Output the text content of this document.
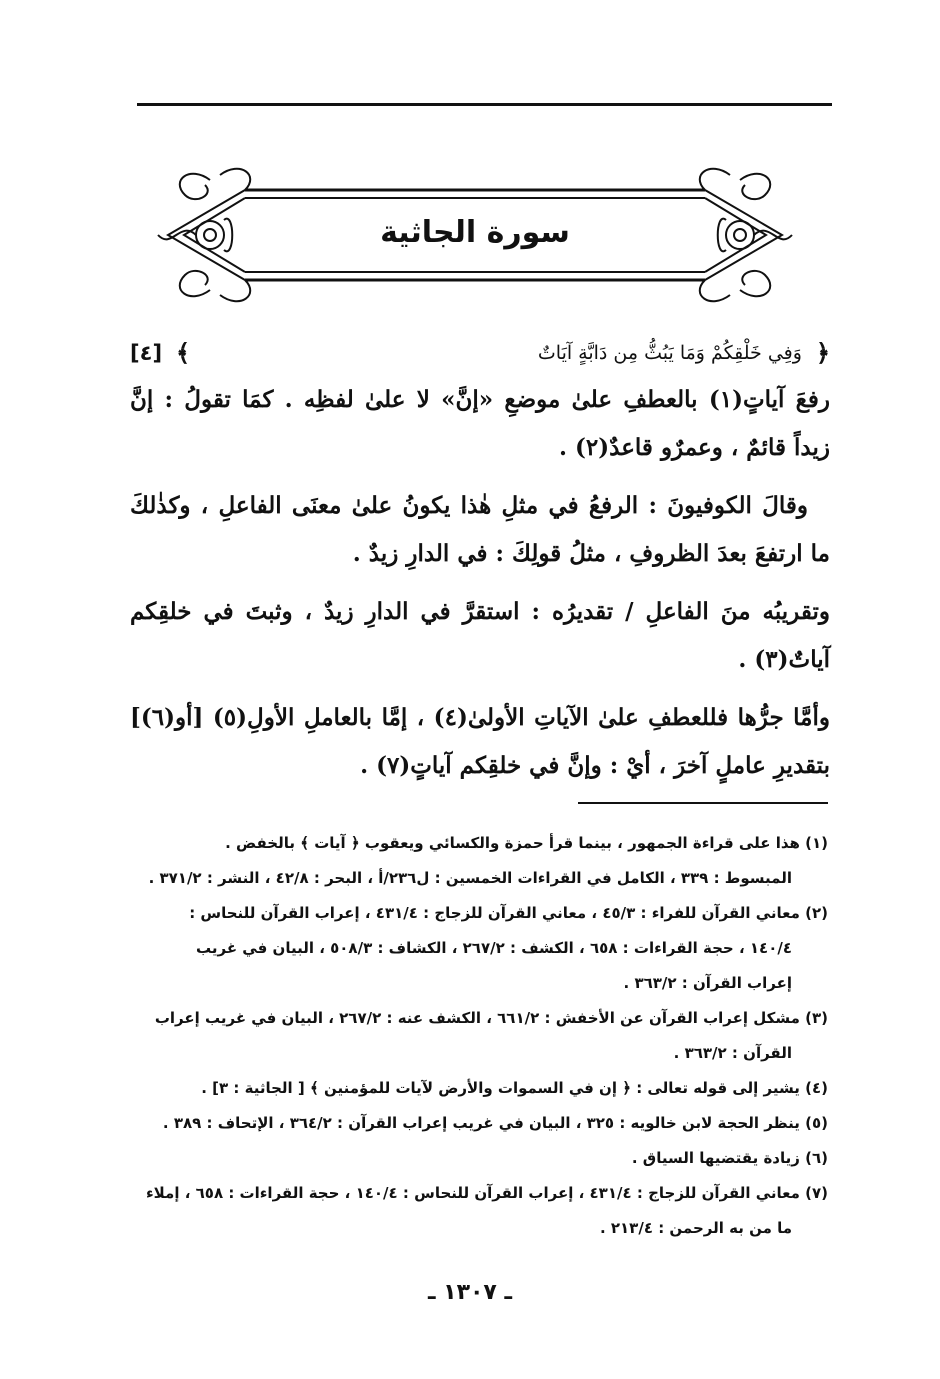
سورة الجاثية
﴿
وَفِي خَلْقِكُمْ وَمَا يَبُثُّ مِن دَابَّةٍ آيَاتٌ
﴾
[٤]

رفعَ آياتٍ(١) بالعطفِ علىٰ موضعِ «إنَّ» لا علىٰ لفظِه . كمَا تقولُ : إنَّ زيداً قائمٌ ، وعمرٌو قاعدٌ(٢) .

وقالَ الكوفيونَ : الرفعُ في مثلِ هٰذا يكونُ علىٰ معنَى الفاعلِ ، وكذٰلكَ ما ارتفعَ بعدَ الظروفِ ، مثلُ قولِكَ : في الدارِ زيدٌ .

وتقريبُه منَ الفاعلِ / تقديرُه : استقرَّ في الدارِ زيدٌ ، وثبتَ في خلقِكم آياتٌ(٣) .

وأمَّا جرُّها فللعطفِ علىٰ الآياتِ الأولىٰ(٤) ، إمَّا بالعاملِ الأولِ(٥) [أو(٦)] بتقديرِ عاملٍ آخرَ ، أيْ : وإنَّ في خلقِكم آياتٍ(٧) .

(١) هذا على قراءة الجمهور ، بينما قرأ حمزة والكسائي ويعقوب ﴿ آيات ﴾ بالخفض .
المبسوط : ٣٣٩ ، الكامل في القراءات الخمسين : ل٢٣٦/أ ، البحر : ٤٢/٨ ، النشر : ٣٧١/٢ .
(٢) معاني القرآن للفراء : ٤٥/٣ ، معاني القرآن للزجاج : ٤٣١/٤ ، إعراب القرآن للنحاس :
١٤٠/٤ ، حجة القراءات : ٦٥٨ ، الكشف : ٢٦٧/٢ ، الكشاف : ٥٠٨/٣ ، البيان في غريب
إعراب القرآن : ٣٦٣/٢ .
(٣) مشكل إعراب القرآن عن الأخفش : ٦٦١/٢ ، الكشف عنه : ٢٦٧/٢ ، البيان في غريب إعراب
القرآن : ٣٦٣/٢ .
(٤) يشير إلى قوله تعالى : ﴿ إن في السموات والأرض لآيات للمؤمنين ﴾ [ الجاثية : ٣] .
(٥) ينظر الحجة لابن خالويه : ٣٢٥ ، البيان في غريب إعراب القرآن : ٣٦٤/٢ ، الإتحاف : ٣٨٩ .
(٦) زيادة يقتضيها السياق .
(٧) معاني القرآن للزجاج : ٤٣١/٤ ، إعراب القرآن للنحاس : ١٤٠/٤ ، حجة القراءات : ٦٥٨ ، إملاء
ما من به الرحمن : ٢١٣/٤ .
ـ ١٣٠٧ ـ
